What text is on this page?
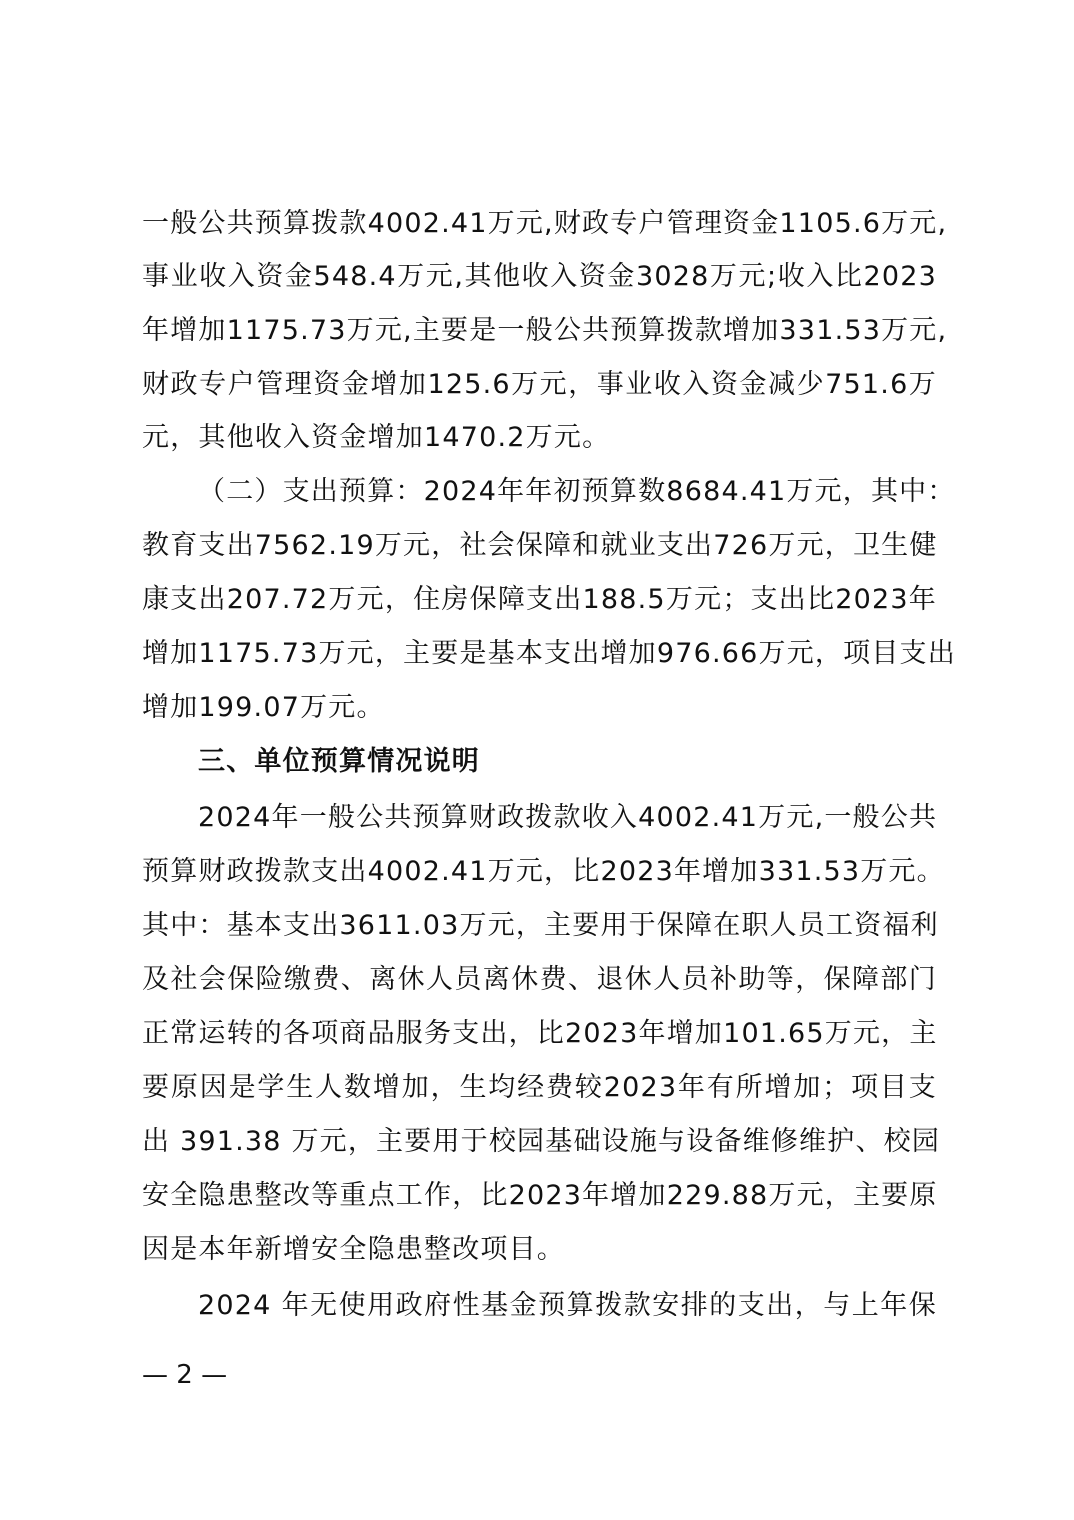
一般公共预算拨款4002.41万元,财政专户管理资金1105.6万元,
事业收入资金548.4万元,其他收入资金3028万元;收入比2023
年增加1175.73万元,主要是一般公共预算拨款增加331.53万元,
财政专户管理资金增加125.6万元，事业收入资金减少751.6万
元，其他收入资金增加1470.2万元。
（二）支出预算：2024年年初预算数8684.41万元，其中：
教育支出7562.19万元，社会保障和就业支出726万元，卫生健
康支出207.72万元，住房保障支出188.5万元；支出比2023年
增加1175.73万元，主要是基本支出增加976.66万元，项目支出
增加199.07万元。
三、单位预算情况说明
2024年一般公共预算财政拨款收入4002.41万元,一般公共
预算财政拨款支出4002.41万元，比2023年增加331.53万元。
其中：基本支出3611.03万元，主要用于保障在职人员工资福利
及社会保险缴费、离休人员离休费、退休人员补助等，保障部门
正常运转的各项商品服务支出，比2023年增加101.65万元，主
要原因是学生人数增加，生均经费较2023年有所增加；项目支
出 391.38 万元，主要用于校园基础设施与设备维修维护、校园
安全隐患整改等重点工作，比2023年增加229.88万元，主要原
因是本年新增安全隐患整改项目。
2024 年无使用政府性基金预算拨款安排的支出，与上年保
— 2 —
